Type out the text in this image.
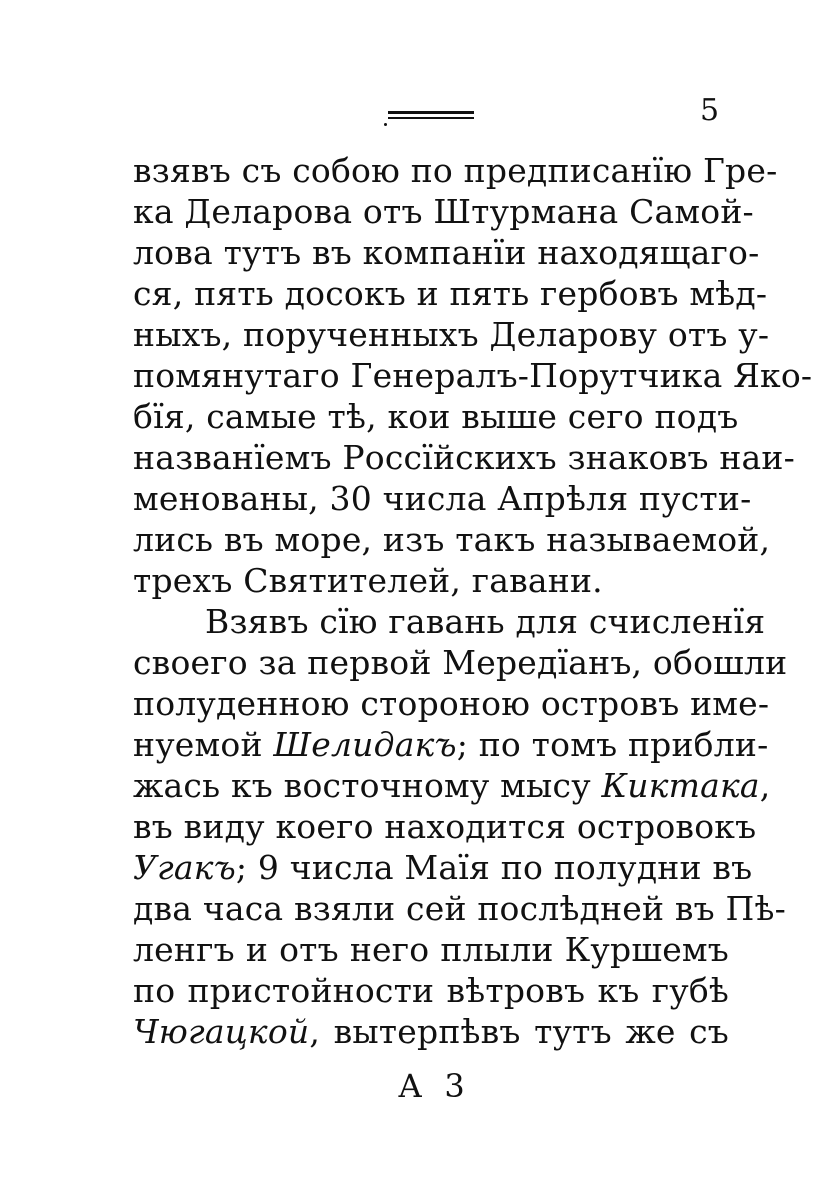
5
взявъ съ собою по предписанїю Гре-
ка Деларова отъ Штурмана Самой-
лова тутъ въ компанїи находящаго-
ся, пять досокъ и пять гербовъ мѣд-
ныхъ, порученныхъ Деларову отъ у-
помянутаго Генералъ-Порутчика Яко-
бїя, самые тѣ, кои выше сего подъ
названїемъ Россїйскихъ знаковъ наи-
менованы, 30 числа Апрѣля пусти-
лись въ море, изъ такъ называемой,
трехъ Святителей, гавани.
Взявъ сїю гавань для счисленїя
своего за первой Мередїанъ, обошли
полуденною стороною островъ име-
нуемой Шелидакъ; по томъ прибли-
жась къ восточному мысу Киктака,
въ виду коего находится островокъ
Угакъ; 9 числа Маїя по полудни въ
два часа взяли сей послѣдней въ Пѣ-
ленгъ и отъ него плыли Куршемъ
по пристойности вѣтровъ къ губѣ
Чюгацкой, вытерпѣвъ тутъ же съ
А 3
